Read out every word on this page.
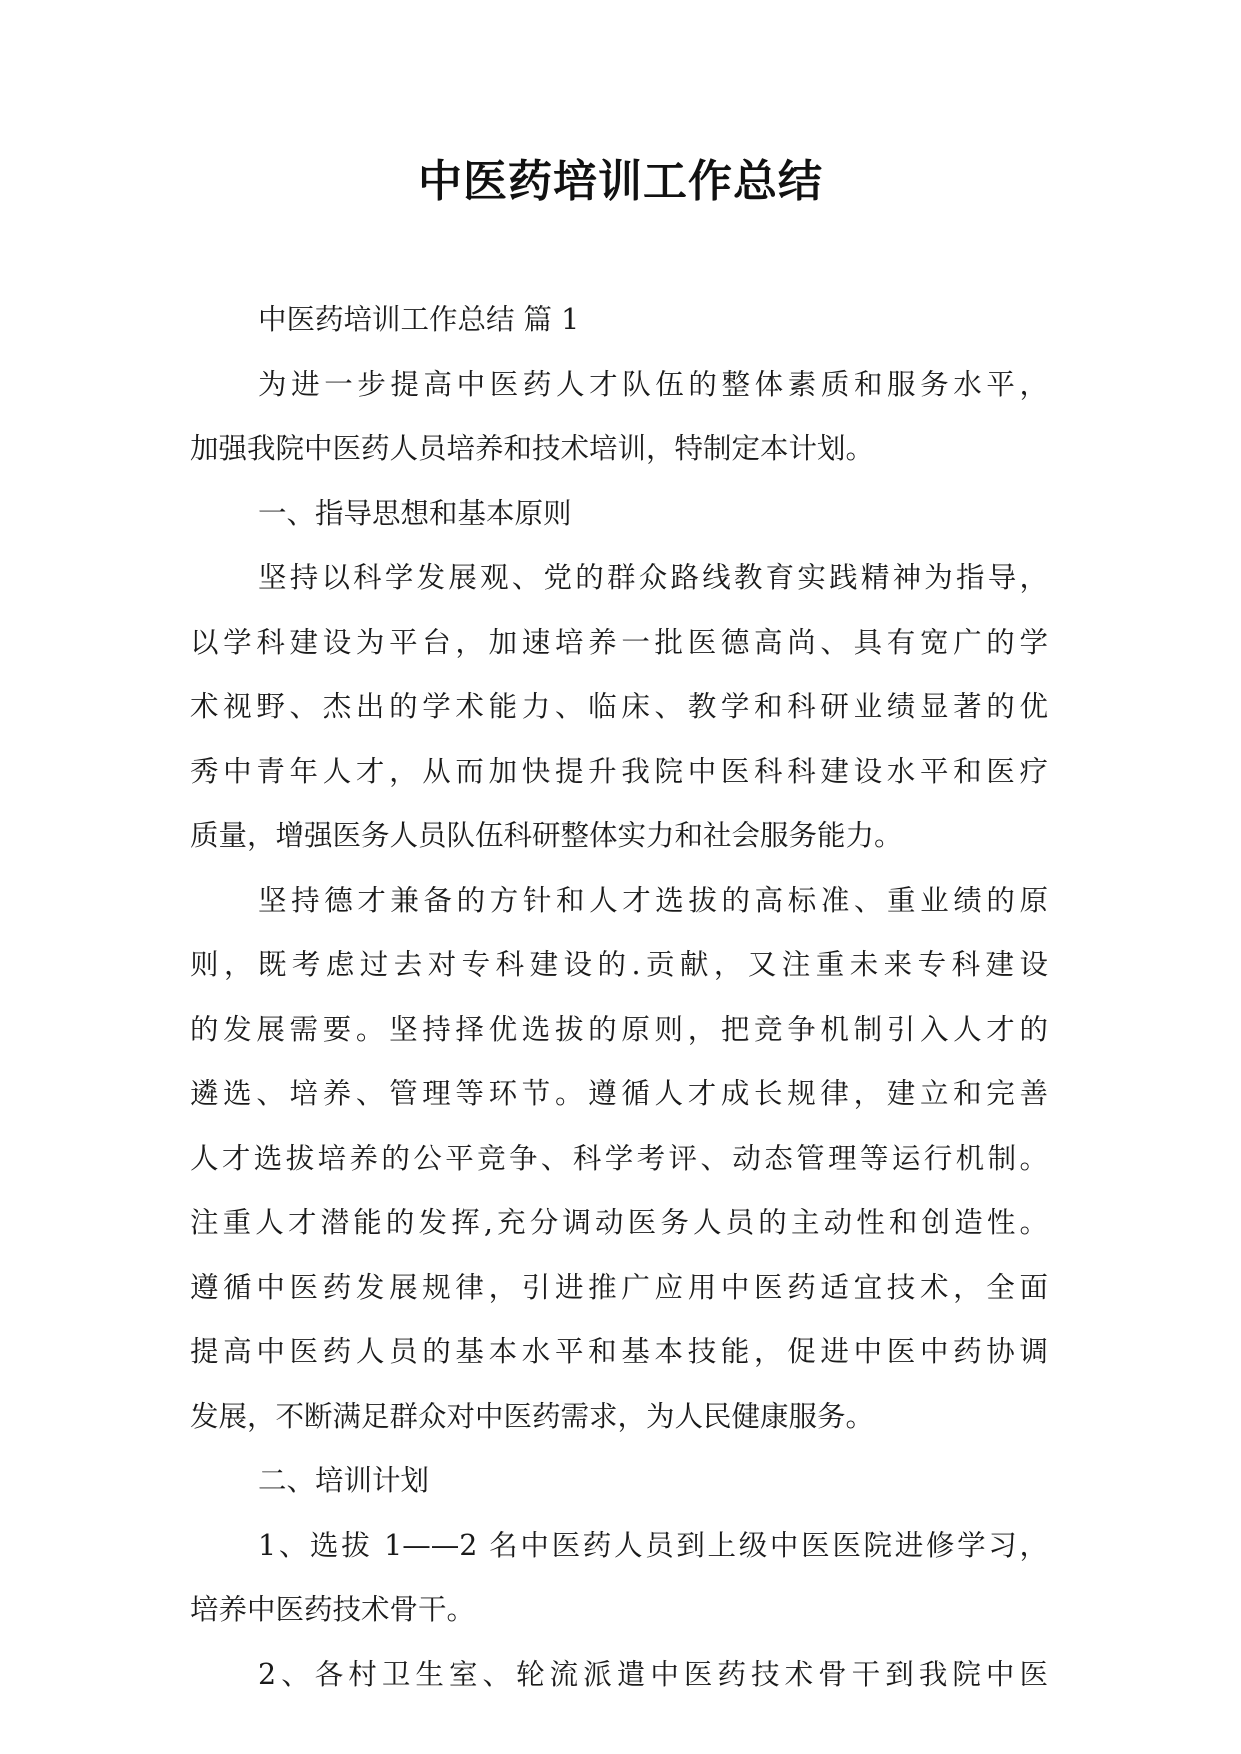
中医药培训工作总结
中医药培训工作总结 篇 1
为进一步提高中医药人才队伍的整体素质和服务水平，
加强我院中医药人员培养和技术培训，特制定本计划。
一、指导思想和基本原则
坚持以科学发展观、党的群众路线教育实践精神为指导，
以学科建设为平台，加速培养一批医德高尚、具有宽广的学
术视野、杰出的学术能力、临床、教学和科研业绩显著的优
秀中青年人才，从而加快提升我院中医科科建设水平和医疗
质量，增强医务人员队伍科研整体实力和社会服务能力。
坚持德才兼备的方针和人才选拔的高标准、重业绩的原
则，既考虑过去对专科建设的.贡献，又注重未来专科建设
的发展需要。坚持择优选拔的原则，把竞争机制引入人才的
遴选、培养、管理等环节。遵循人才成长规律，建立和完善
人才选拔培养的公平竞争、科学考评、动态管理等运行机制。
注重人才潜能的发挥,充分调动医务人员的主动性和创造性。
遵循中医药发展规律，引进推广应用中医药适宜技术，全面
提高中医药人员的基本水平和基本技能，促进中医中药协调
发展，不断满足群众对中医药需求，为人民健康服务。
二、培训计划
1、选拔 1——2 名中医药人员到上级中医医院进修学习，
培养中医药技术骨干。
2、各村卫生室、轮流派遣中医药技术骨干到我院中医
